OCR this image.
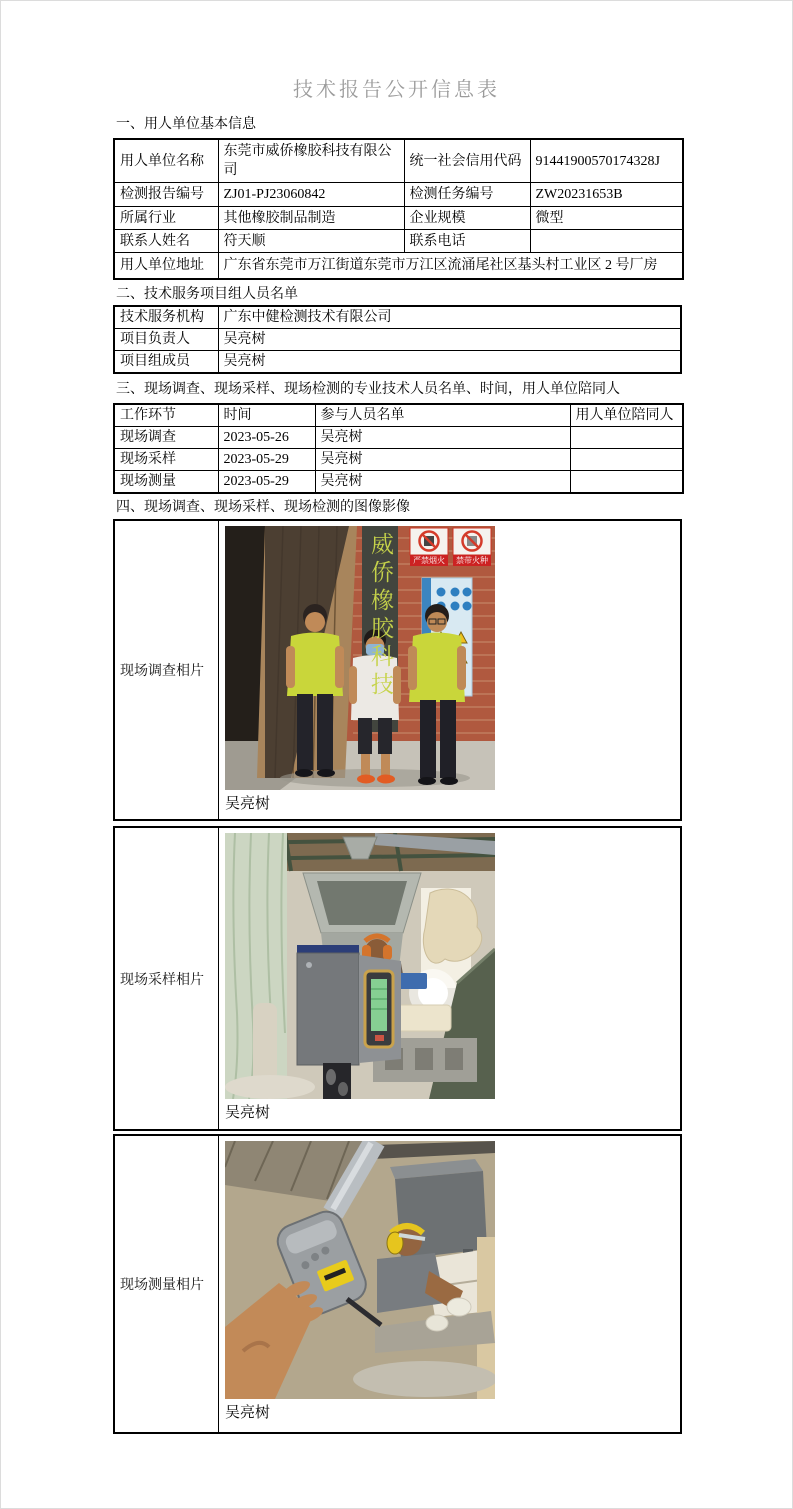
技术报告公开信息表
一、用人单位基本信息
用人单位名称	东莞市威侨橡胶科技有限公司	统一社会信用代码	91441900570174328J
检测报告编号	ZJ01-PJ23060842	检测任务编号	ZW20231653B
所属行业	其他橡胶制品制造	企业规模	微型
联系人姓名	符天顺	联系电话	
用人单位地址	广东省东莞市万江街道东莞市万江区流涌尾社区基头村工业区 2 号厂房		
二、技术服务项目组人员名单
技术服务机构	广东中健检测技术有限公司
项目负责人	吴亮树
项目组成员	吴亮树
三、现场调查、现场采样、现场检测的专业技术人员名单、时间，用人单位陪同人
工作环节	时间	参与人员名单	用人单位陪同人
现场调查	2023-05-26	吴亮树	
现场采样	2023-05-29	吴亮树	
现场测量	2023-05-29	吴亮树	
四、现场调查、现场采样、现场检测的图像影像
现场调查相片	威侨橡胶科技	严禁烟火	禁带火种
吴亮树
现场采样相片
吴亮树
现场测量相片
吴亮树
